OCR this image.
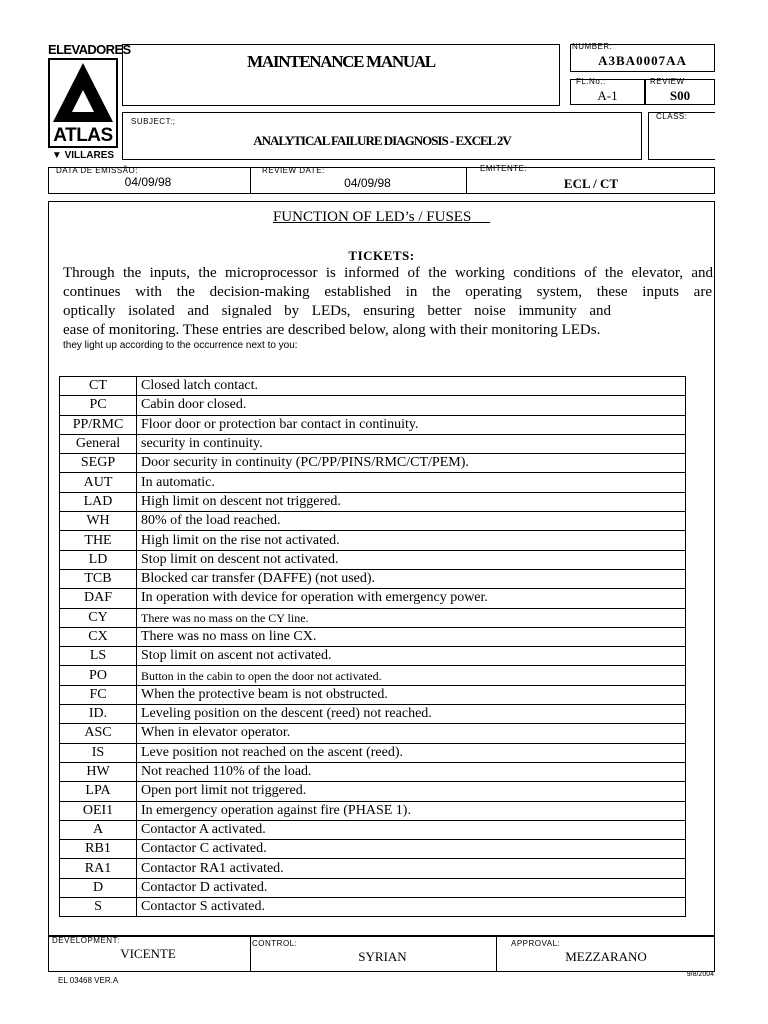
ELEVADORES
ATLAS
▼ VILLARES
MAINTENANCE MANUAL
SUBJECT:;
ANALYTICAL FAILURE DIAGNOSIS - EXCEL 2V
NUMBER:
A3BA0007AA
FL.No.:
A-1
REVIEW
S00
CLASS:
DATA DE EMISSÃO:
04/09/98
REVIEW DATE:
04/09/98
EMITENTE:
ECL / CT
FUNCTION OF LED’s / FUSES
TICKETS:
Through the inputs, the microprocessor is informed of the working conditions of the elevator, and
continues with the decision-making established in the operating system, these inputs are
optically isolated and signaled by LEDs, ensuring better noise immunity and
ease of monitoring. These entries are described below, along with their monitoring LEDs.
they light up according to the occurrence next to you:
CT	Closed latch contact.
PC	Cabin door closed.
PP/RMC	Floor door or protection bar contact in continuity.
General	security in continuity.
SEGP	Door security in continuity (PC/PP/PINS/RMC/CT/PEM).
AUT	In automatic.
LAD	High limit on descent not triggered.
WH	80% of the load reached.
THE	High limit on the rise not activated.
LD	Stop limit on descent not activated.
TCB	Blocked car transfer (DAFFE) (not used).
DAF	In operation with device for operation with emergency power.
CY	There was no mass on the CY line.
CX	There was no mass on line CX.
LS	Stop limit on ascent not activated.
PO	Button in the cabin to open the door not activated.
FC	When the protective beam is not obstructed.
ID.	Leveling position on the descent (reed) not reached.
ASC	When in elevator operator.
IS	Leve position not reached on the ascent (reed).
HW	Not reached 110% of the load.
LPA	Open port limit not triggered.
OEI1	In emergency operation against fire (PHASE 1).
A	Contactor A activated.
RB1	Contactor C activated.
RA1	Contactor RA1 activated.
D	Contactor D activated.
S	Contactor S activated.
DEVELOPMENT:
VICENTE
CONTROL:
SYRIAN
APPROVAL:
MEZZARANO
EL 03468 VER.A
9/8/2004
